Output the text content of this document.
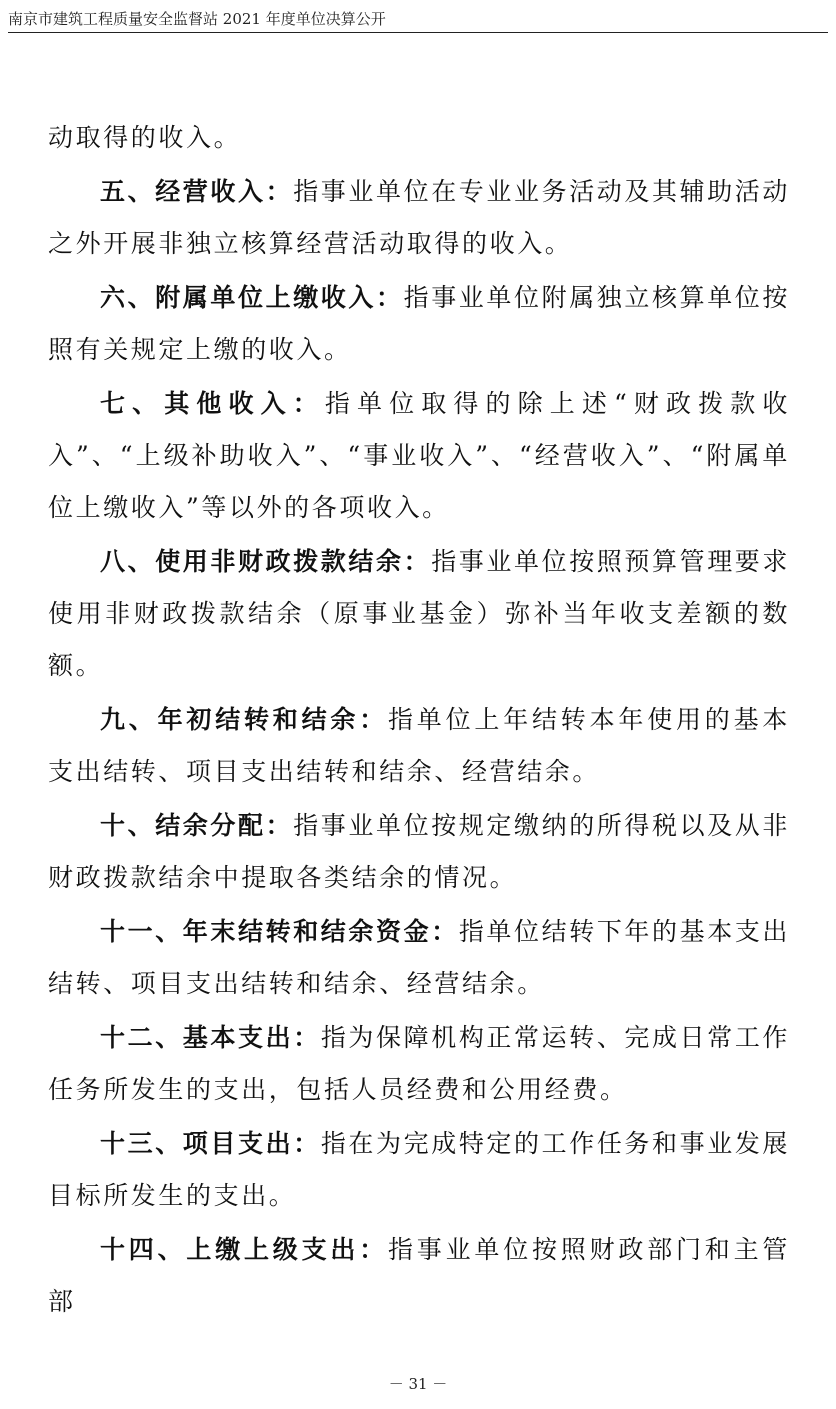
南京市建筑工程质量安全监督站 2021 年度单位决算公开

动取得的收入。

五、经营收入：指事业单位在专业业务活动及其辅助活动之外开展非独立核算经营活动取得的收入。

六、附属单位上缴收入：指事业单位附属独立核算单位按照有关规定上缴的收入。

七、其他收入：指单位取得的除上述“财政拨款收入”、“上级补助收入”、“事业收入”、“经营收入”、“附属单位上缴收入”等以外的各项收入。

八、使用非财政拨款结余：指事业单位按照预算管理要求使用非财政拨款结余（原事业基金）弥补当年收支差额的数额。

九、年初结转和结余：指单位上年结转本年使用的基本支出结转、项目支出结转和结余、经营结余。

十、结余分配：指事业单位按规定缴纳的所得税以及从非财政拨款结余中提取各类结余的情况。

十一、年末结转和结余资金：指单位结转下年的基本支出结转、项目支出结转和结余、经营结余。

十二、基本支出：指为保障机构正常运转、完成日常工作任务所发生的支出，包括人员经费和公用经费。

十三、项目支出：指在为完成特定的工作任务和事业发展目标所发生的支出。

十四、上缴上级支出：指事业单位按照财政部门和主管部

－ 31 －
